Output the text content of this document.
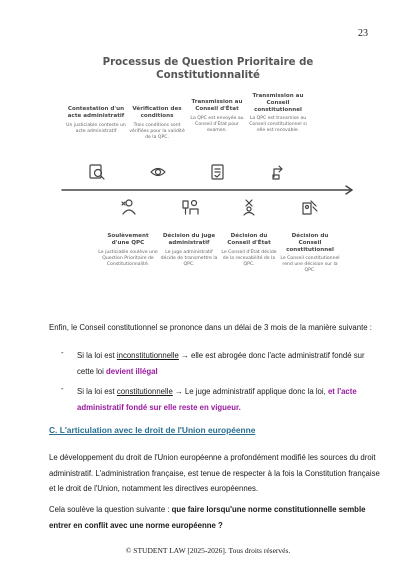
23
Processus de Question Prioritaire de
Constitutionnalité
Contestation d'un acte administratif
Un justiciable conteste un acte administratif
Vérification des conditions
Trois conditions sont vérifiées pour la validité de la QPC.
Transmission au Conseil d'État
La QPC est envoyée au Conseil d'État pour examen.
Transmission au Conseil constitutionnel
La QPC est transmise au Conseil constitutionnel si elle est recevable.
Soulèvement d'une QPC
Le justiciable soulève une Question Prioritaire de Constitutionnalité.
Décision du juge administratif
Le juge administratif décide de transmettre la QPC.
Décision du Conseil d'État
Le Conseil d'État décide de la recevabilité de la QPC.
Décision du Conseil constitutionnel
Le Conseil constitutionnel rend une décision sur la QPC.
Enfin, le Conseil constitutionnel se prononce dans un délai de 3 mois de la manière suivante :
- Si la loi est inconstitutionnelle → elle est abrogée donc l'acte administratif fondé sur cette loi devient illégal
- Si la loi est constitutionnelle → Le juge administratif applique donc la loi, et l'acte administratif fondé sur elle reste en vigueur.
C. L'articulation avec le droit de l'Union européenne
Le développement du droit de l'Union européenne a profondément modifié les sources du droit administratif. L'administration française, est tenue de respecter à la fois la Constitution française et le droit de l'Union, notamment les directives européennes.
Cela soulève la question suivante : que faire lorsqu'une norme constitutionnelle semble entrer en conflit avec une norme européenne ?
© STUDENT LAW [2025-2026]. Tous droits réservés.
